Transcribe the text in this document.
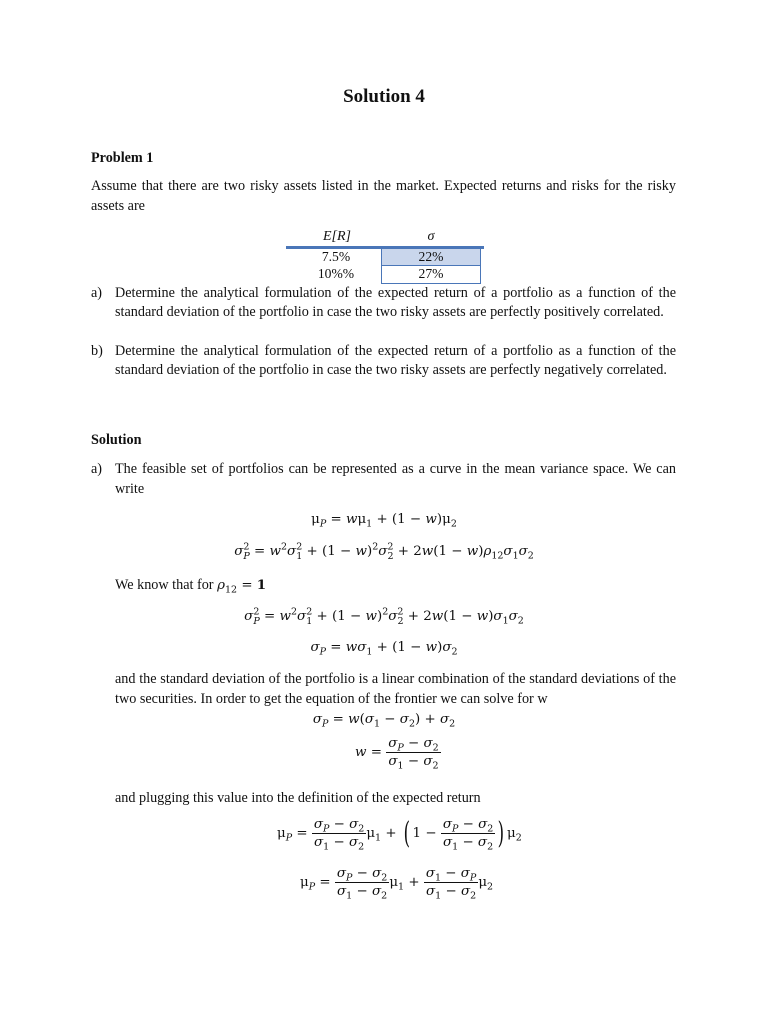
Solution 4
Problem 1
Assume that there are two risky assets listed in the market. Expected returns and risks for the risky assets are
E[R]	σ
7.5%	22%
10%%	27%
a) Determine the analytical formulation of the expected return of a portfolio as a function of the standard deviation of the portfolio in case the two risky assets are perfectly positively correlated.
b) Determine the analytical formulation of the expected return of a portfolio as a function of the standard deviation of the portfolio in case the two risky assets are perfectly negatively correlated.
Solution
a) The feasible set of portfolios can be represented as a curve in the mean variance space. We can write
$\mu_P = w\mu_1 + (1 - w)\mu_2$
$\sigma^2_P = w^2\sigma^2_1 + (1 - w)^2\sigma^2_2 + 2w(1 - w)\rho_{12}\sigma_1\sigma_2$
We know that for $\rho_{12} = 1$
$\sigma^2_P = w^2\sigma^2_1 + (1 - w)^2\sigma^2_2 + 2w(1 - w)\sigma_1\sigma_2$
$\sigma_P = w\sigma_1 + (1 - w)\sigma_2$
and the standard deviation of the portfolio is a linear combination of the standard deviations of the two securities. In order to get the equation of the frontier we can solve for w
$\sigma_P = w(\sigma_1 - \sigma_2) + \sigma_2$
$w = \frac{\sigma_P - \sigma_2}{\sigma_1 - \sigma_2}$
and plugging this value into the definition of the expected return
$\mu_P = \frac{\sigma_P - \sigma_2}{\sigma_1 - \sigma_2} \mu_1$ + ( $1 - \frac{\sigma_P - \sigma_2}{\sigma_1 - \sigma_2}$ ) $\mu_2$
$\mu_P = \frac{\sigma_P - \sigma_2}{\sigma_1 - \sigma_2} \mu_1 + \frac{\sigma_1 - \sigma_P}{\sigma_1 - \sigma_2} \mu_2$
